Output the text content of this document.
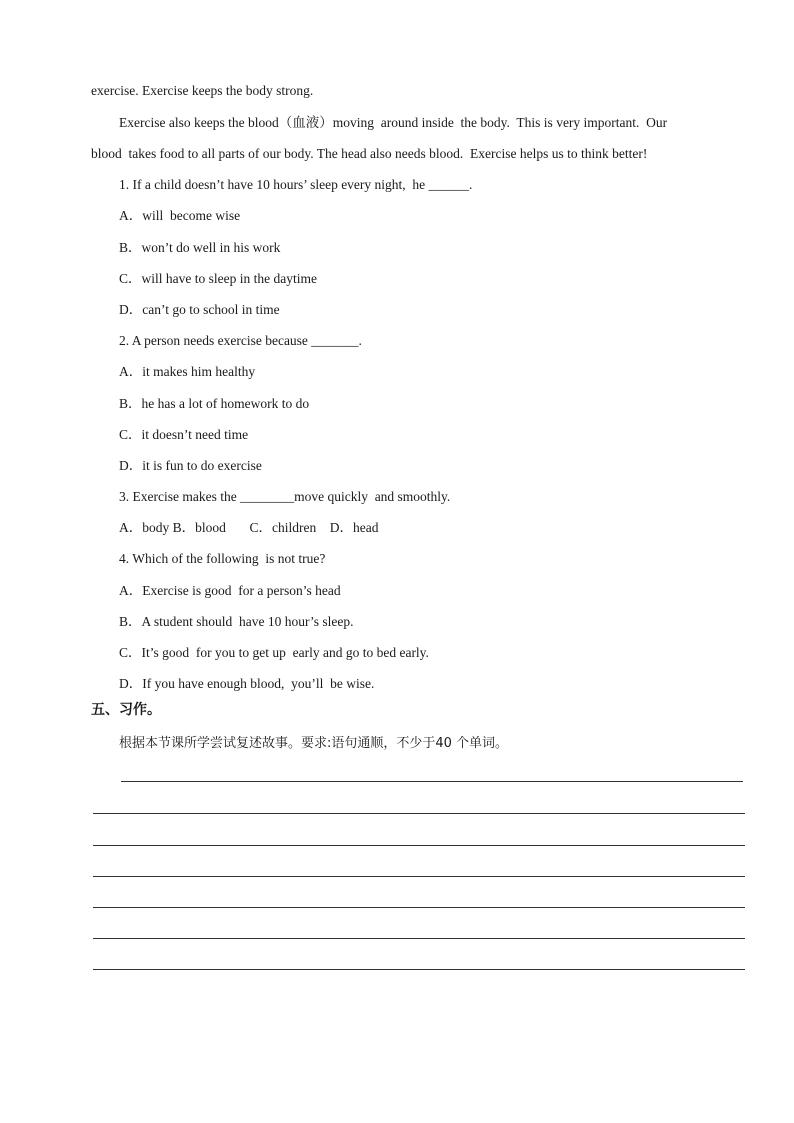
exercise. Exercise keeps the body strong.
Exercise also keeps the blood（血液）moving  around inside  the body.  This is very important.  Our
blood  takes food to all parts of our body. The head also needs blood.  Exercise helps us to think better!
1. If a child doesn’t have 10 hours’ sleep every night,  he ______.
A．will  become wise
B．won’t do well in his work
C．will have to sleep in the daytime
D．can’t go to school in time
2. A person needs exercise because _______.
A．it makes him healthy
B．he has a lot of homework to do
C．it doesn’t need time
D．it is fun to do exercise
3. Exercise makes the ________move quickly  and smoothly.
A．body B．blood       C．children    D．head
4. Which of the following  is not true?
A．Exercise is good  for a person’s head
B．A student should  have 10 hour’s sleep.
C．It’s good  for you to get up  early and go to bed early.
D．If you have enough blood,  you’ll  be wise.
五、习作。
根据本节课所学尝试复述故事。要求:语句通顺，不少于40 个单词。
